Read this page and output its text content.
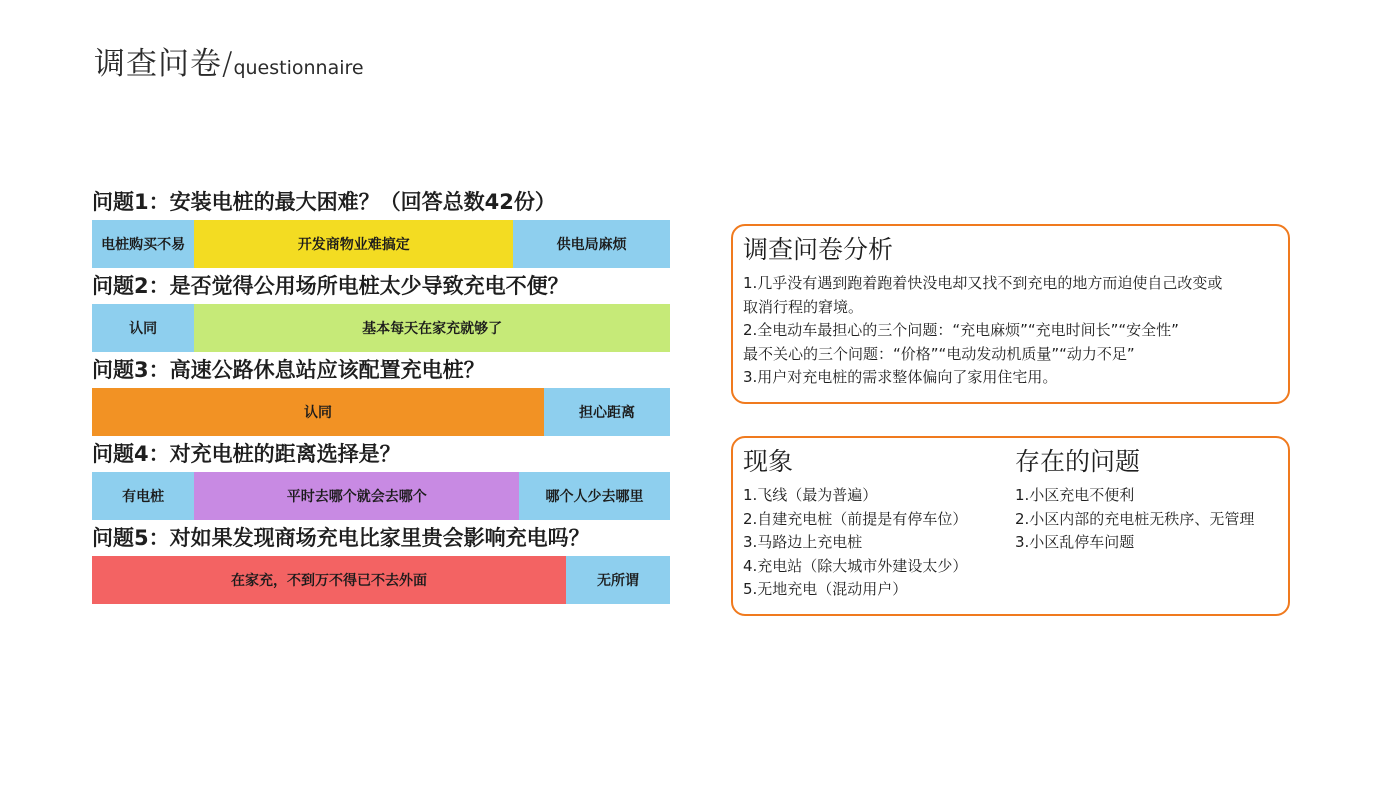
调查问卷/questionnaire
问题1：安装电桩的最大困难？（回答总数42份）
电桩购买不易	开发商物业难搞定	供电局麻烦
问题2：是否觉得公用场所电桩太少导致充电不便？
认同	基本每天在家充就够了
问题3：高速公路休息站应该配置充电桩？
认同	担心距离
问题4：对充电桩的距离选择是？
有电桩	平时去哪个就会去哪个	哪个人少去哪里
问题5：对如果发现商场充电比家里贵会影响充电吗？
在家充，不到万不得已不去外面	无所谓
调查问卷分析
1.几乎没有遇到跑着跑着快没电却又找不到充电的地方而迫使自己改变或
取消行程的窘境。
2.全电动车最担心的三个问题：“充电麻烦”“充电时间长”“安全性”
最不关心的三个问题：“价格”“电动发动机质量”“动力不足”
3.用户对充电桩的需求整体偏向了家用住宅用。
现象
1.飞线（最为普遍）
2.自建充电桩（前提是有停车位）
3.马路边上充电桩
4.充电站（除大城市外建设太少）
5.无地充电（混动用户）
存在的问题
1.小区充电不便利
2.小区内部的充电桩无秩序、无管理
3.小区乱停车问题
